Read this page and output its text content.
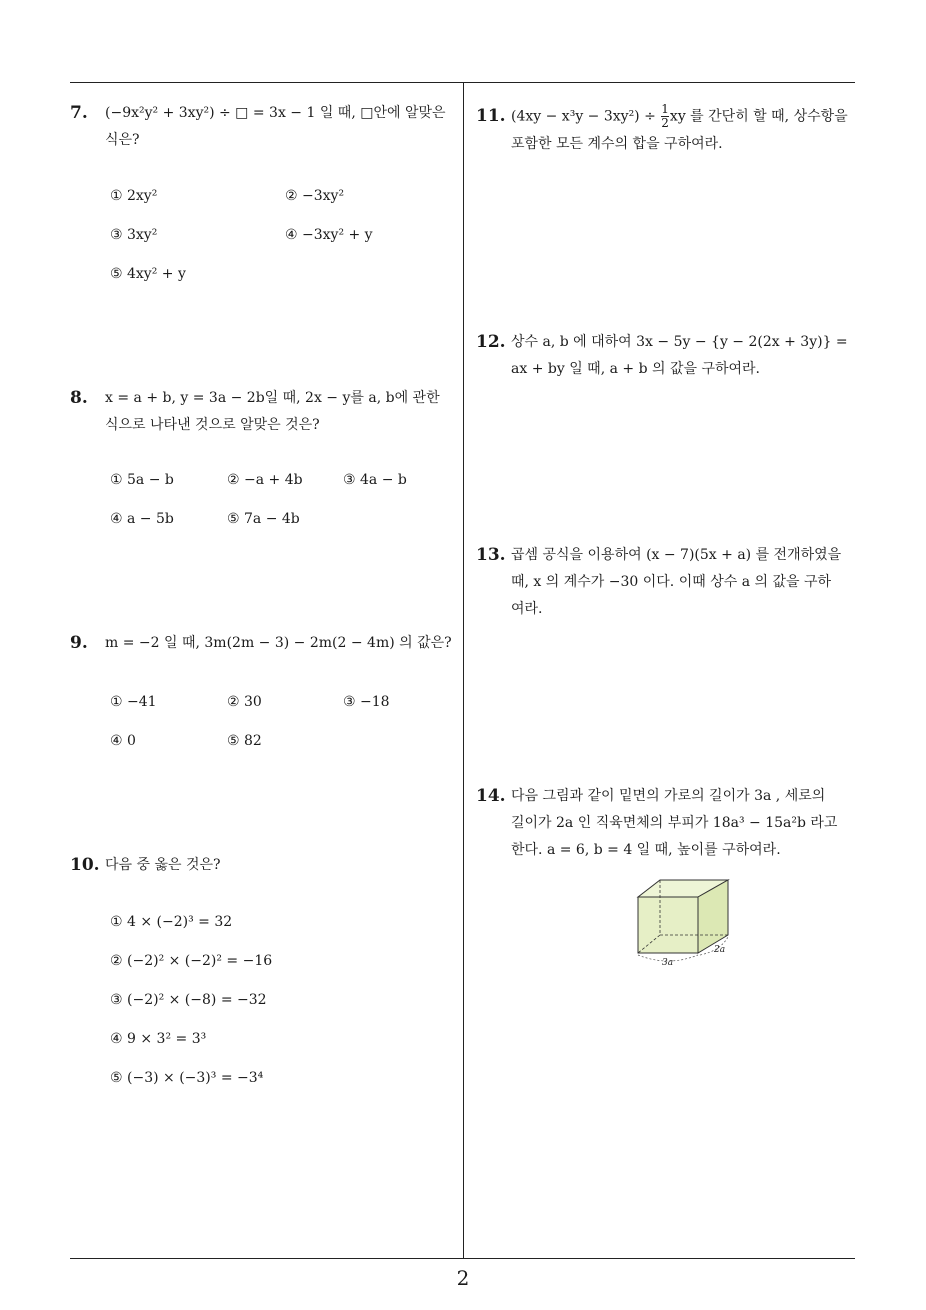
7. (−9x²y² + 3xy²) ÷ □ = 3x − 1 일 때, □안에 알맞은
식은?
① 2xy²	② −3xy²
③ 3xy²	④ −3xy² + y
⑤ 4xy² + y
8. x = a + b, y = 3a − 2b일 때, 2x − y를 a, b에 관한
식으로 나타낸 것으로 알맞은 것은?
① 5a − b	② −a + 4b	③ 4a − b
④ a − 5b	⑤ 7a − 4b
9. m = −2 일 때, 3m(2m − 3) − 2m(2 − 4m) 의 값은?
① −41	② 30	③ −18
④ 0	⑤ 82
10. 다음 중 옳은 것은?
① 4 × (−2)³ = 32
② (−2)² × (−2)² = −16
③ (−2)² × (−8) = −32
④ 9 × 3² = 3³
⑤ (−3) × (−3)³ = −3⁴
11. $(4xy - x^3y - 3xy^2) \div \frac{1}{2}$ xy 를 간단히 할 때, 상수항을
포함한 모든 계수의 합을 구하여라.
12. 상수 a, b 에 대하여 3x − 5y − {y − 2(2x + 3y)} =
ax + by 일 때, a + b 의 값을 구하여라.
13. 곱셈 공식을 이용하여 (x − 7)(5x + a) 를 전개하였을
때, x 의 계수가 −30 이다. 이때 상수 a 의 값을 구하
여라.
14. 다음 그림과 같이 밑면의 가로의 길이가 3a , 세로의
길이가 2a 인 직육면체의 부피가 18a³ − 15a²b 라고
한다. a = 6, b = 4 일 때, 높이를 구하여라.
3a
2a
2
